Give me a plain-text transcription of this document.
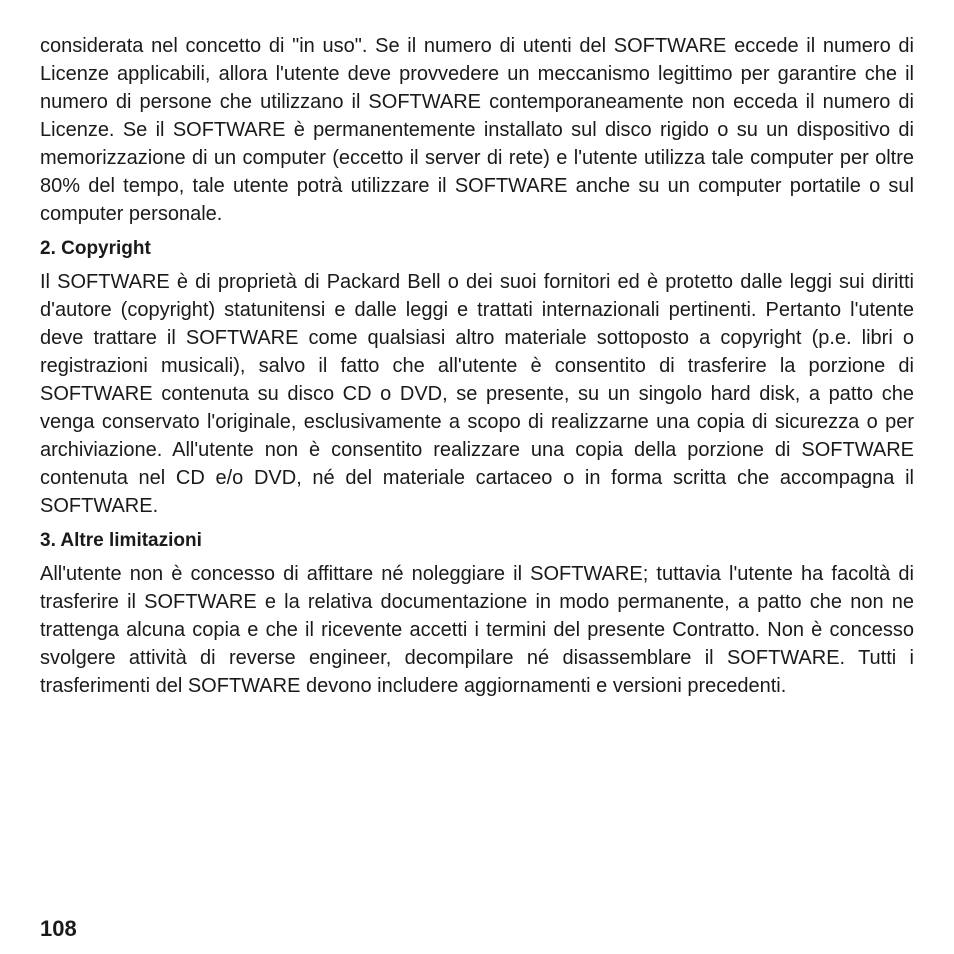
considerata nel concetto di "in uso". Se il numero di utenti del SOFTWARE eccede il numero di Licenze applicabili, allora l'utente deve provvedere un meccanismo legittimo per garantire che il numero di persone che utilizzano il SOFTWARE contemporaneamente non ecceda il numero di Licenze. Se il SOFTWARE è permanentemente installato sul disco rigido o su un dispositivo di memorizzazione di un computer (eccetto il server di rete) e l'utente utilizza tale computer per oltre 80% del tempo, tale utente potrà utilizzare il SOFTWARE anche su un computer portatile o sul computer personale.

2. Copyright

Il SOFTWARE è di proprietà di Packard Bell o dei suoi fornitori ed è protetto dalle leggi sui diritti d'autore (copyright) statunitensi e dalle leggi e trattati internazionali pertinenti. Pertanto l'utente deve trattare il SOFTWARE come qualsiasi altro materiale sottoposto a copyright (p.e. libri o registrazioni musicali), salvo il fatto che all'utente è consentito di trasferire la porzione di SOFTWARE contenuta su disco CD o DVD, se presente, su un singolo hard disk, a patto che venga conservato l'originale, esclusivamente a scopo di realizzarne una copia di sicurezza o per archiviazione. All'utente non è consentito realizzare una copia della porzione di SOFTWARE contenuta nel CD e/o DVD, né del materiale cartaceo o in forma scritta che accompagna il SOFTWARE.

3. Altre limitazioni

All'utente non è concesso di affittare né noleggiare il SOFTWARE; tuttavia l'utente ha facoltà di trasferire il SOFTWARE e la relativa documentazione in modo permanente, a patto che non ne trattenga alcuna copia e che il ricevente accetti i termini del presente Contratto. Non è concesso svolgere attività di reverse engineer, decompilare né disassemblare il SOFTWARE. Tutti i trasferimenti del SOFTWARE devono includere aggiornamenti e versioni precedenti.

108
